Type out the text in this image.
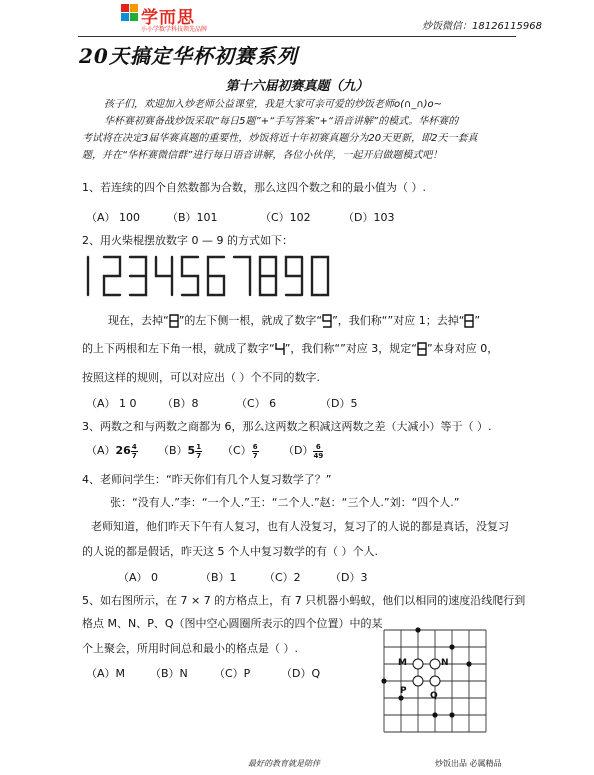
学而思
小小学数学科技领先品牌	炒饭微信：18126115968
20天搞定华杯初赛系列
第十六届初赛真题（九）
孩子们，欢迎加入炒老师公益课堂，我是大家可亲可爱的炒饭老师o(∩_∩)o~
华杯赛初赛备战炒饭采取“每日5题”+“手写答案”+“语音讲解”的模式。华杯赛的
考试将在决定3届华赛真题的重要性，炒饭将近十年初赛真题分为20天更新，即2天一套真
题，并在“华杯赛微信群”进行每日语音讲解，各位小伙伴，一起开启做题模式吧！
1、若连续的四个自然数都为合数，那么这四个数之和的最小值为（ ）.
（A） 100 （B）101	（C）102	（D）103
2、用火柴棍摆放数字 0 — 9 的方式如下：
现在，去掉“ ”的左下侧一根，就成了数字“ ”，我们称“”对应 1；去掉“ ”
的上下两根和左下角一根，就成了数字“ ”，我们称“”对应 3，规定“ ”本身对应 0，
按照这样的规则，可以对应出（ ）个不同的数字.
（A） 1 0 （B）8	（C） 6	（D）5
3、两数之和与两数之商都为 6，那么这两数之积减这两数之差（大减小）等于（ ）.
$(A)26 \frac{4}{7} (B)5 \frac{1}{7} (C) \frac{6}{7} (D) \frac{6}{49}$
4、老师问学生：“昨天你们有几个人复习数学了？”
张：“没有人.”李：“一个人.”王：“二个人.”赵：“三个人.”刘：“四个人.”
老师知道，他们昨天下午有人复习，也有人没复习，复习了的人说的都是真话，没复习
的人说的都是假话，昨天这 5 个人中复习数学的有（ ）个人.
（A） 0	（B）1 （C）2	（D）3
5、如右图所示，在 7 × 7 的方格点上，有 7 只机器小蚂蚁，他们以相同的速度沿线爬行到
格点 M、N、P、Q（图中空心圆圈所表示的四个位置）中的某
个上聚会，所用时间总和最小的格点是（ ）.
（A）M （B）N （C）P	（D）Q
M	N
P	Q
最好的教育就是陪伴	炒饭出品 必属精品
